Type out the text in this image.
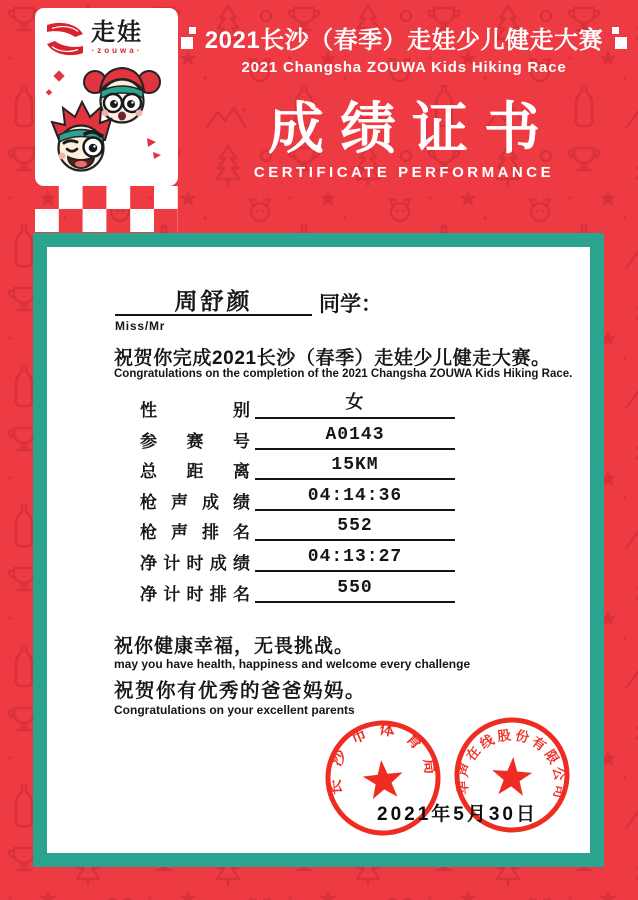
走娃
·zouwa·	2021长沙（春季）走娃少儿健走大赛
2021 Changsha ZOUWA Kids Hiking Race
成绩证书
CERTIFICATE PERFORMANCE
周舒颜	同学：
Miss/Mr
祝贺你完成2021长沙（春季）走娃少儿健走大赛。
Congratulations on the completion of the 2021 Changsha ZOUWA Kids Hiking Race.
性别	女
参赛号	A0143
总距离	15KM
枪声成绩	04:14:36
枪声排名	552
净计时成绩	04:13:27
净计时排名	550
祝你健康幸福，无畏挑战。
may you have health, happiness and welcome every challenge
祝贺你有优秀的爸爸妈妈。
Congratulations on your excellent parents
长沙市体育局
华声在线股份有限公司
2021年5月30日
